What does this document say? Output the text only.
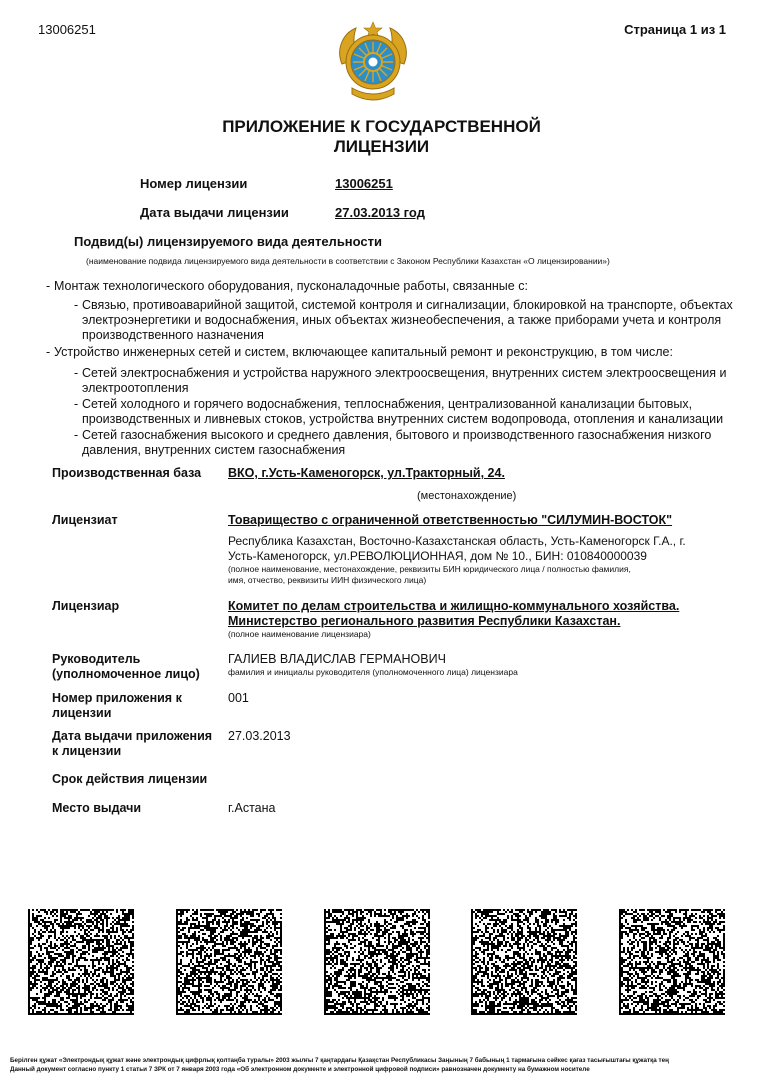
13006251	Страница 1 из 1
ПРИЛОЖЕНИЕ К ГОСУДАРСТВЕННОЙ
ЛИЦЕНЗИИ
Номер лицензии	13006251
Дата выдачи лицензии	27.03.2013 год
Подвид(ы) лицензируемого вида деятельности
(наименование подвида лицензируемого вида деятельности в соответствии с Законом Республики Казахстан «О лицензировании»)
- Монтаж технологического оборудования, пусконаладочные работы, связанные с:
- Связью, противоаварийной защитой, системой контроля и сигнализации, блокировкой на транспорте, объектах электроэнергетики и водоснабжения, иных объектах жизнеобеспечения, а также приборами учета и контроля производственного назначения
- Устройство инженерных сетей и систем, включающее капитальный ремонт и реконструкцию, в том числе:
- Сетей электроснабжения и устройства наружного электроосвещения, внутренних систем электроосвещения и электроотопления
- Сетей холодного и горячего водоснабжения, теплоснабжения, централизованной канализации бытовых, производственных и ливневых стоков, устройства внутренних систем водопровода, отопления и канализации
- Сетей газоснабжения высокого и среднего давления, бытового и производственного газоснабжения низкого давления, внутренних систем газоснабжения
Производственная база ВКО, г.Усть-Каменогорск, ул.Тракторный, 24.
(местонахождение)
Лицензиат	Товарищество с ограниченной ответственностью "СИЛУМИН-ВОСТОК"
Республика Казахстан, Восточно-Казахстанская область, Усть-Каменогорск Г.А., г.
Усть-Каменогорск, ул.РЕВОЛЮЦИОННАЯ, дом № 10., БИН: 010840000039
(полное наименование, местонахождение, реквизиты БИН юридического лица / полностью фамилия,
имя, отчество, реквизиты ИИН физического лица)
Лицензиар	Комитет по делам строительства и жилищно-коммунального хозяйства.
Министерство регионального развития Республики Казахстан.
(полное наименование лицензиара)
Руководитель
(уполномоченное лицо)
ГАЛИЕВ ВЛАДИСЛАВ ГЕРМАНОВИЧ
фамилия и инициалы руководителя (уполномоченного лица) лицензиара
Номер приложения к
лицензии
001
Дата выдачи приложения
к лицензии
27.03.2013
Срок действия лицензии
Место выдачи	г.Астана
Берілген құжат «Электрондық құжат және электрондық цифрлық қолтаңба туралы» 2003 жылғы 7 қаңтардағы Қазақстан Республикасы Заңының 7 бабының 1 тармағына сәйкес қағаз тасығыштағы құжатқа тең
Данный документ согласно пункту 1 статьи 7 ЗРК от 7 января 2003 года «Об электронном документе и электронной цифровой подписи» равнозначен документу на бумажном носителе
